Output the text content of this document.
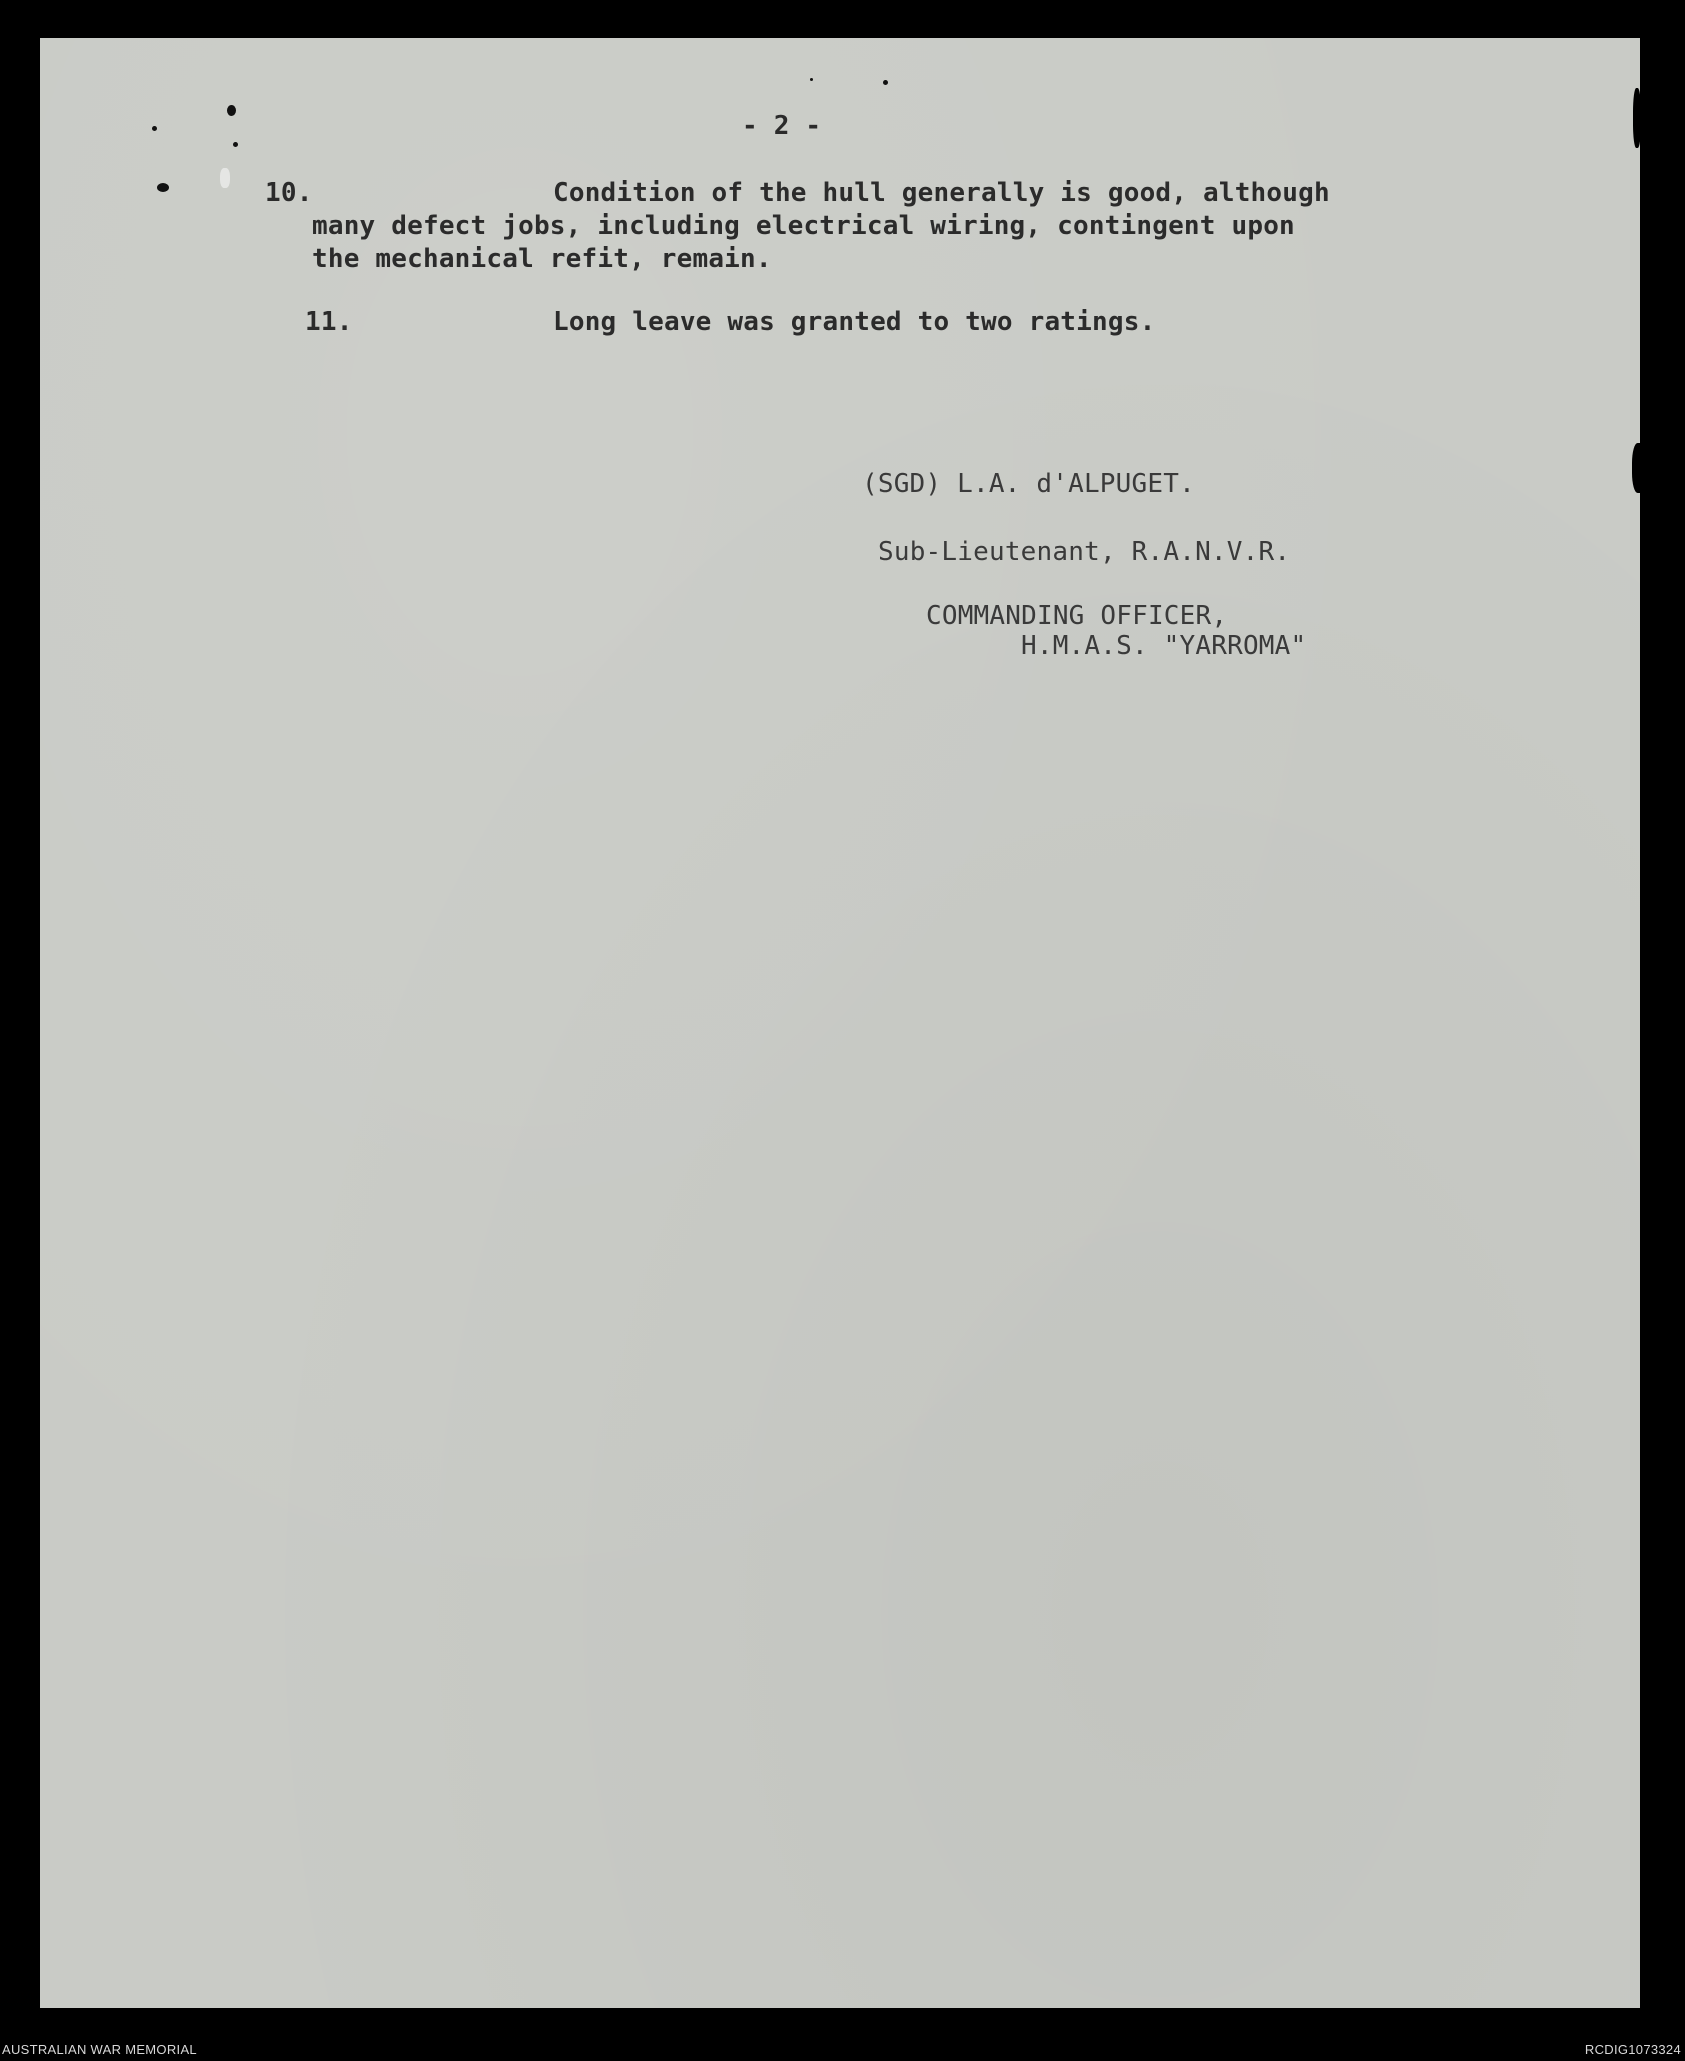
- 2 -
10.	Condition of the hull generally is good, although
many defect jobs, including electrical wiring, contingent upon
the mechanical refit, remain.
11.	Long leave was granted to two ratings.
(SGD) L.A. d'ALPUGET.
Sub-Lieutenant, R.A.N.V.R.
COMMANDING OFFICER,
H.M.A.S. "YARROMA"
AUSTRALIAN WAR MEMORIAL	RCDIG1073324
